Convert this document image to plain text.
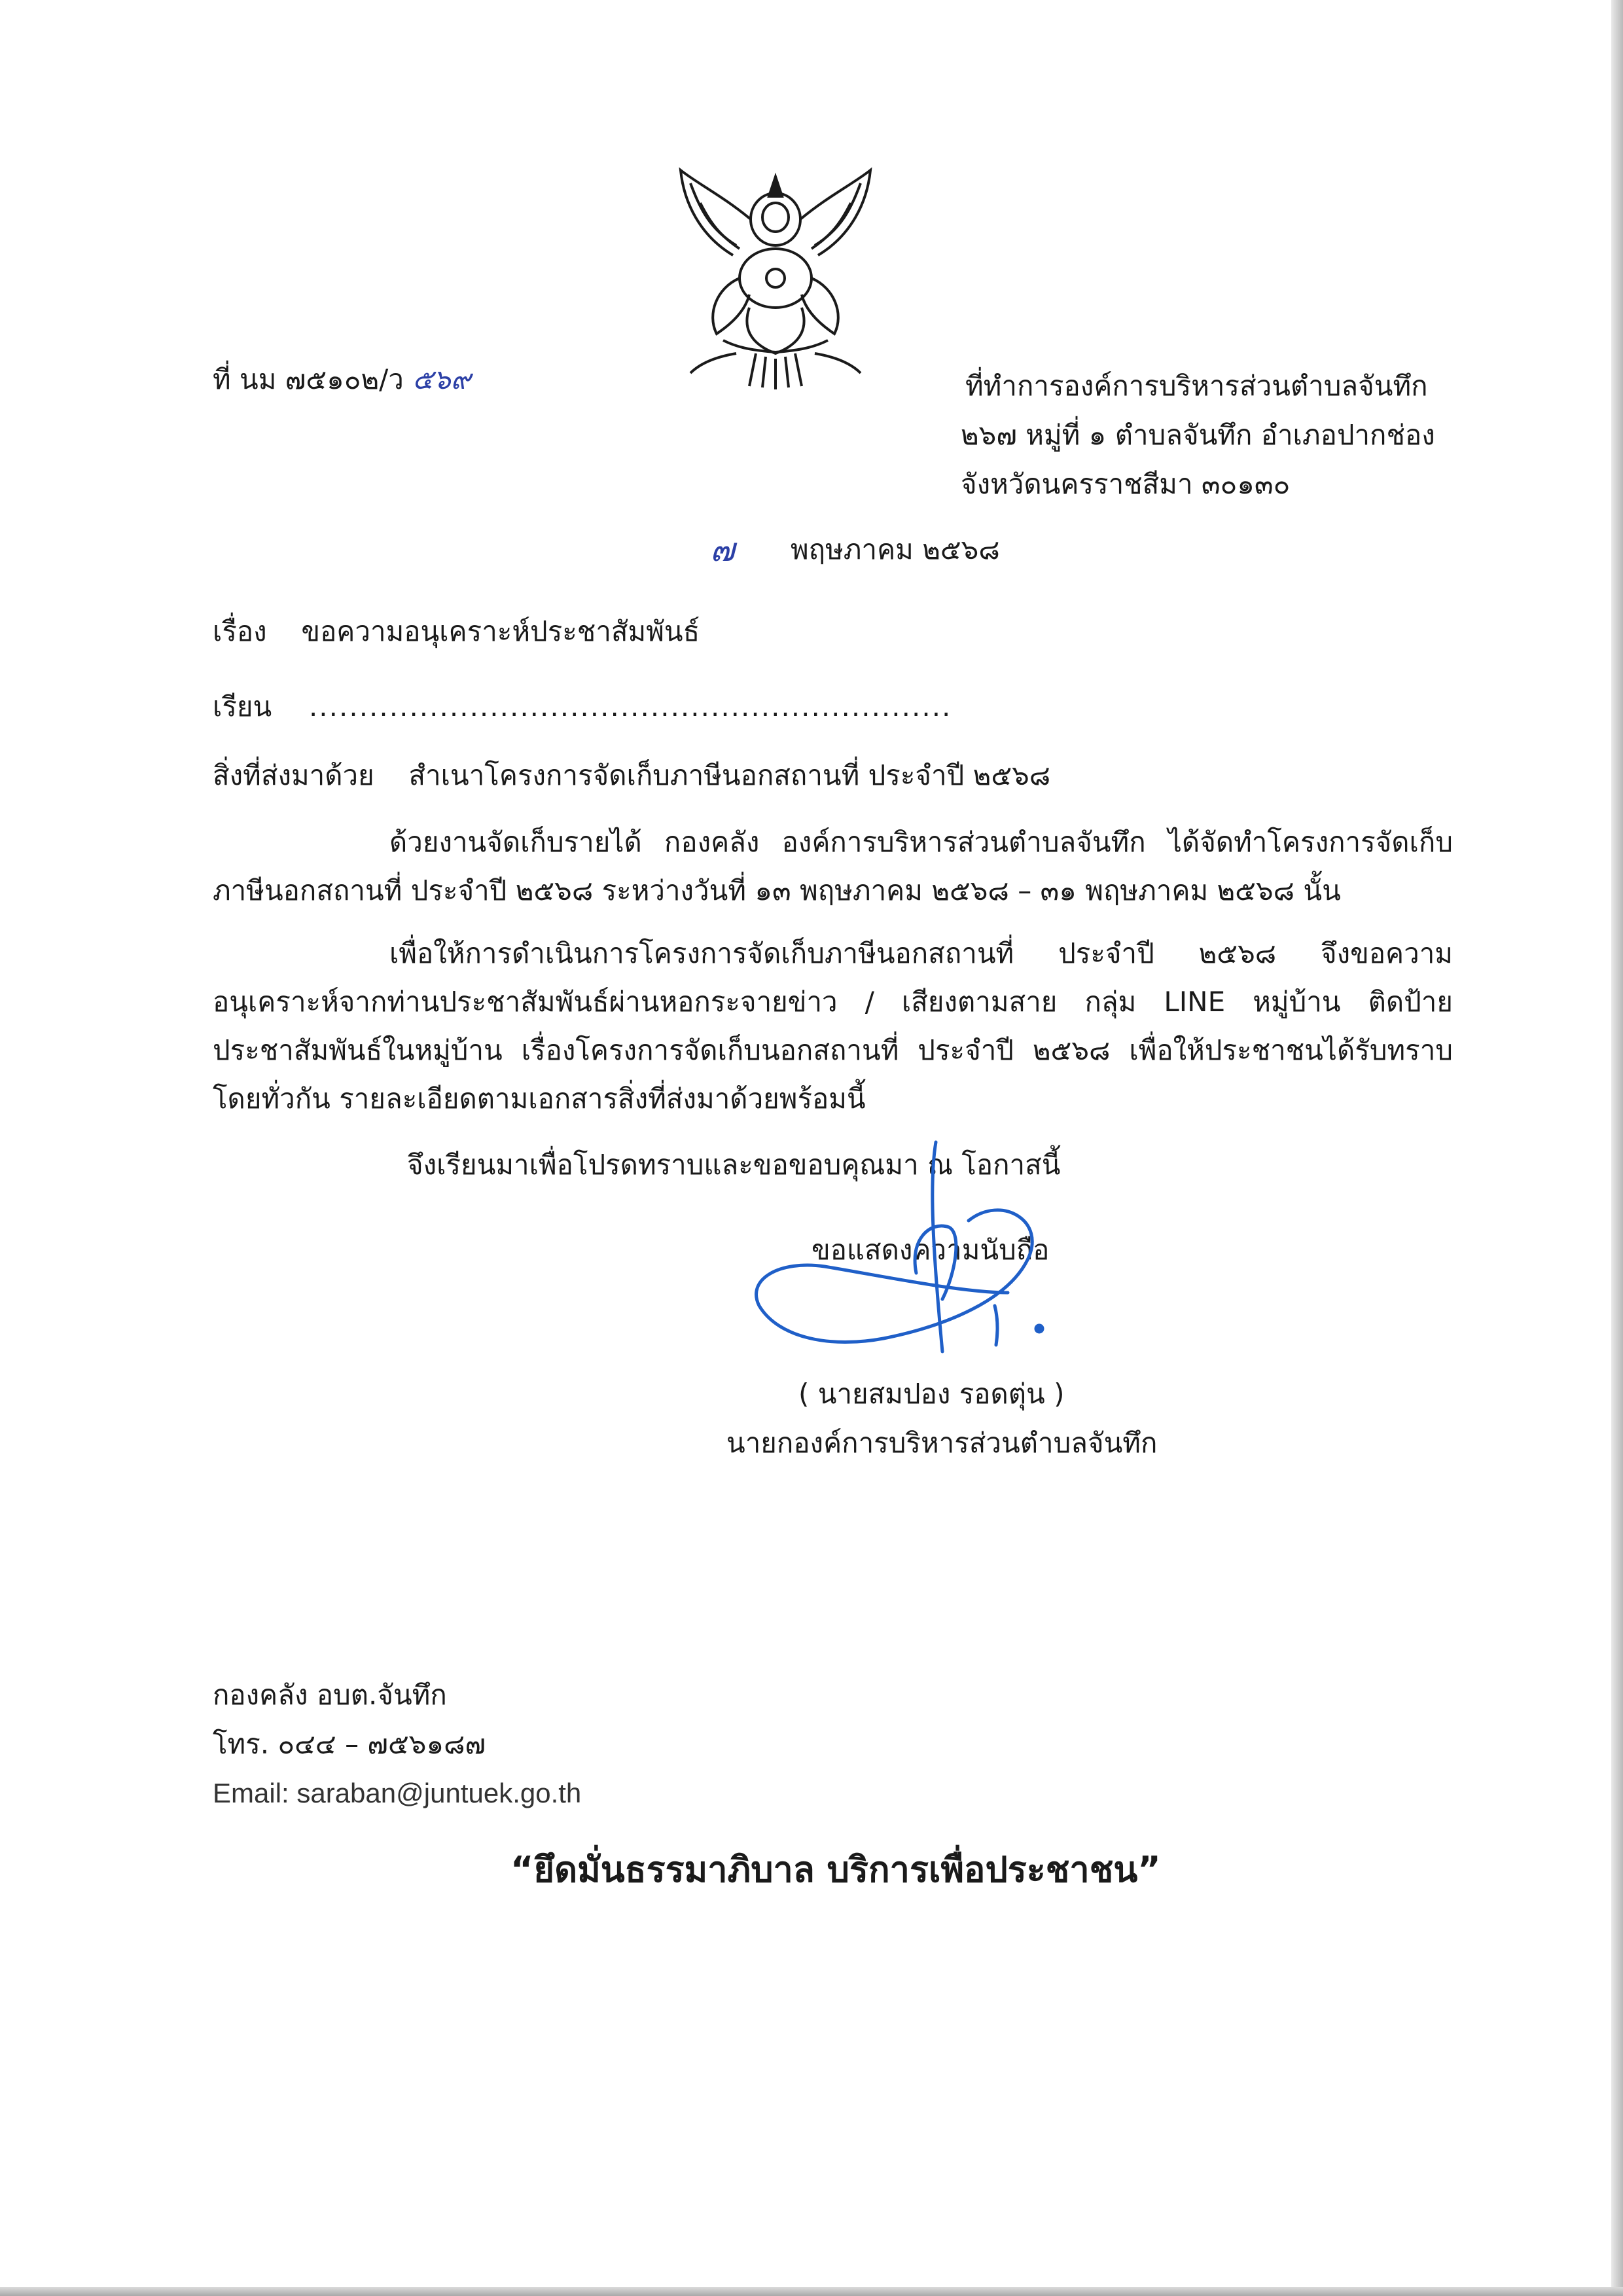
ที่ นม ๗๕๑๐๒/ว ๕๖๙	ที่ทำการองค์การบริหารส่วนตำบลจันทึก
๒๖๗ หมู่ที่ ๑ ตำบลจันทึก อำเภอปากช่อง
จังหวัดนครราชสีมา ๓๐๑๓๐
๗ พฤษภาคม ๒๕๖๘
เรื่อง ขอความอนุเคราะห์ประชาสัมพันธ์
เรียน ................................................................
สิ่งที่ส่งมาด้วย สำเนาโครงการจัดเก็บภาษีนอกสถานที่ ประจำปี ๒๕๖๘
ด้วยงานจัดเก็บรายได้ กองคลัง องค์การบริหารส่วนตำบลจันทึก ได้จัดทำโครงการจัดเก็บภาษีนอกสถานที่ ประจำปี ๒๕๖๘ ระหว่างวันที่ ๑๓ พฤษภาคม ๒๕๖๘ – ๓๑ พฤษภาคม ๒๕๖๘ นั้น
เพื่อให้การดำเนินการโครงการจัดเก็บภาษีนอกสถานที่ ประจำปี ๒๕๖๘ จึงขอความอนุเคราะห์จากท่านประชาสัมพันธ์ผ่านหอกระจายข่าว / เสียงตามสาย กลุ่ม LINE หมู่บ้าน ติดป้ายประชาสัมพันธ์ในหมู่บ้าน เรื่องโครงการจัดเก็บนอกสถานที่ ประจำปี ๒๕๖๘ เพื่อให้ประชาชนได้รับทราบโดยทั่วกัน รายละเอียดตามเอกสารสิ่งที่ส่งมาด้วยพร้อมนี้
จึงเรียนมาเพื่อโปรดทราบและขอขอบคุณมา ณ โอกาสนี้
ขอแสดงความนับถือ
( นายสมปอง รอดตุ่น )
นายกองค์การบริหารส่วนตำบลจันทึก
กองคลัง อบต.จันทึก
โทร. ๐๔๔ – ๗๕๖๑๘๗
Email: saraban@juntuek.go.th
“ยึดมั่นธรรมาภิบาล บริการเพื่อประชาชน”
